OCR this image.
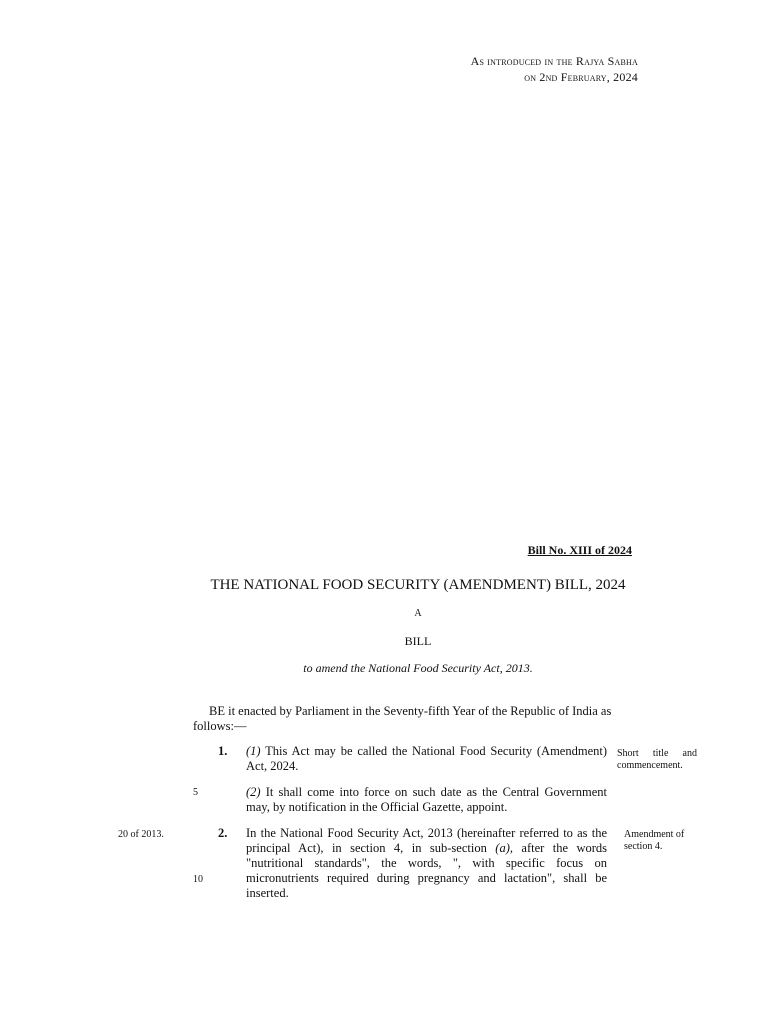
As introduced in the Rajya Sabha
on 2nd February, 2024
Bill No. XIII of 2024
THE NATIONAL FOOD SECURITY (AMENDMENT) BILL, 2024
A
BILL
to amend the National Food Security Act, 2013.
BE it enacted by Parliament in the Seventy-fifth Year of the Republic of India as follows:—
1. (1) This Act may be called the National Food Security (Amendment) Act, 2024.
Short title and commencement.
5	(2) It shall come into force on such date as the Central Government may, by notification in the Official Gazette, appoint.
20 of 2013.	2. In the National Food Security Act, 2013 (hereinafter referred to as the principal Act), in section 4, in sub-section (a), after the words "nutritional standards", the words, ", with specific focus on micronutrients required during pregnancy and lactation", shall be inserted.
Amendment of section 4.
10
